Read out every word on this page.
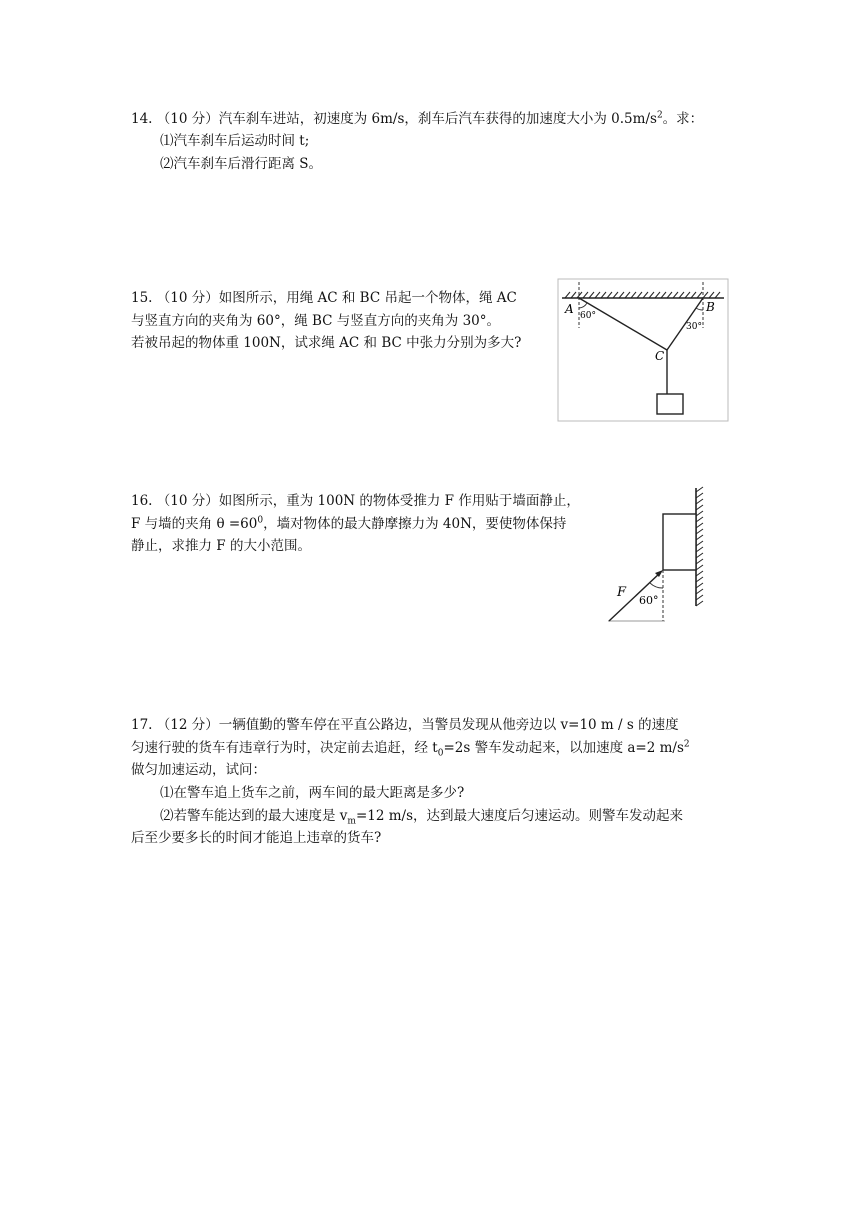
14. （10 分）汽车刹车进站，初速度为 6m/s，刹车后汽车获得的加速度大小为 $0.5m/s^2$。求：
⑴汽车刹车后运动时间 t;
⑵汽车刹车后滑行距离 S。
15. （10 分）如图所示，用绳 AC 和 BC 吊起一个物体，绳 AC
与竖直方向的夹角为 60°，绳 BC 与竖直方向的夹角为 30°。
若被吊起的物体重 100N，试求绳 AC 和 BC 中张力分别为多大?
A 60°
B
30°
C
16. （10 分）如图所示，重为 100N 的物体受推力 F 作用贴于墙面静止，
F 与墙的夹角 $\theta =60^0$，墙对物体的最大静摩擦力为 40N，要使物体保持
静止，求推力 F 的大小范围。
F
60°
17. （12 分）一辆值勤的警车停在平直公路边，当警员发现从他旁边以 v=10 m / s 的速度
匀速行驶的货车有违章行为时，决定前去追赶，经 $t_0=2s$ 警车发动起来，以加速度 a=2 $m/s^2$
做匀加速运动，试问：
⑴在警车追上货车之前，两车间的最大距离是多少?
⑵若警车能达到的最大速度是 $v_m=12$ m/s，达到最大速度后匀速运动。则警车发动起来
后至少要多长的时间才能追上违章的货车?
